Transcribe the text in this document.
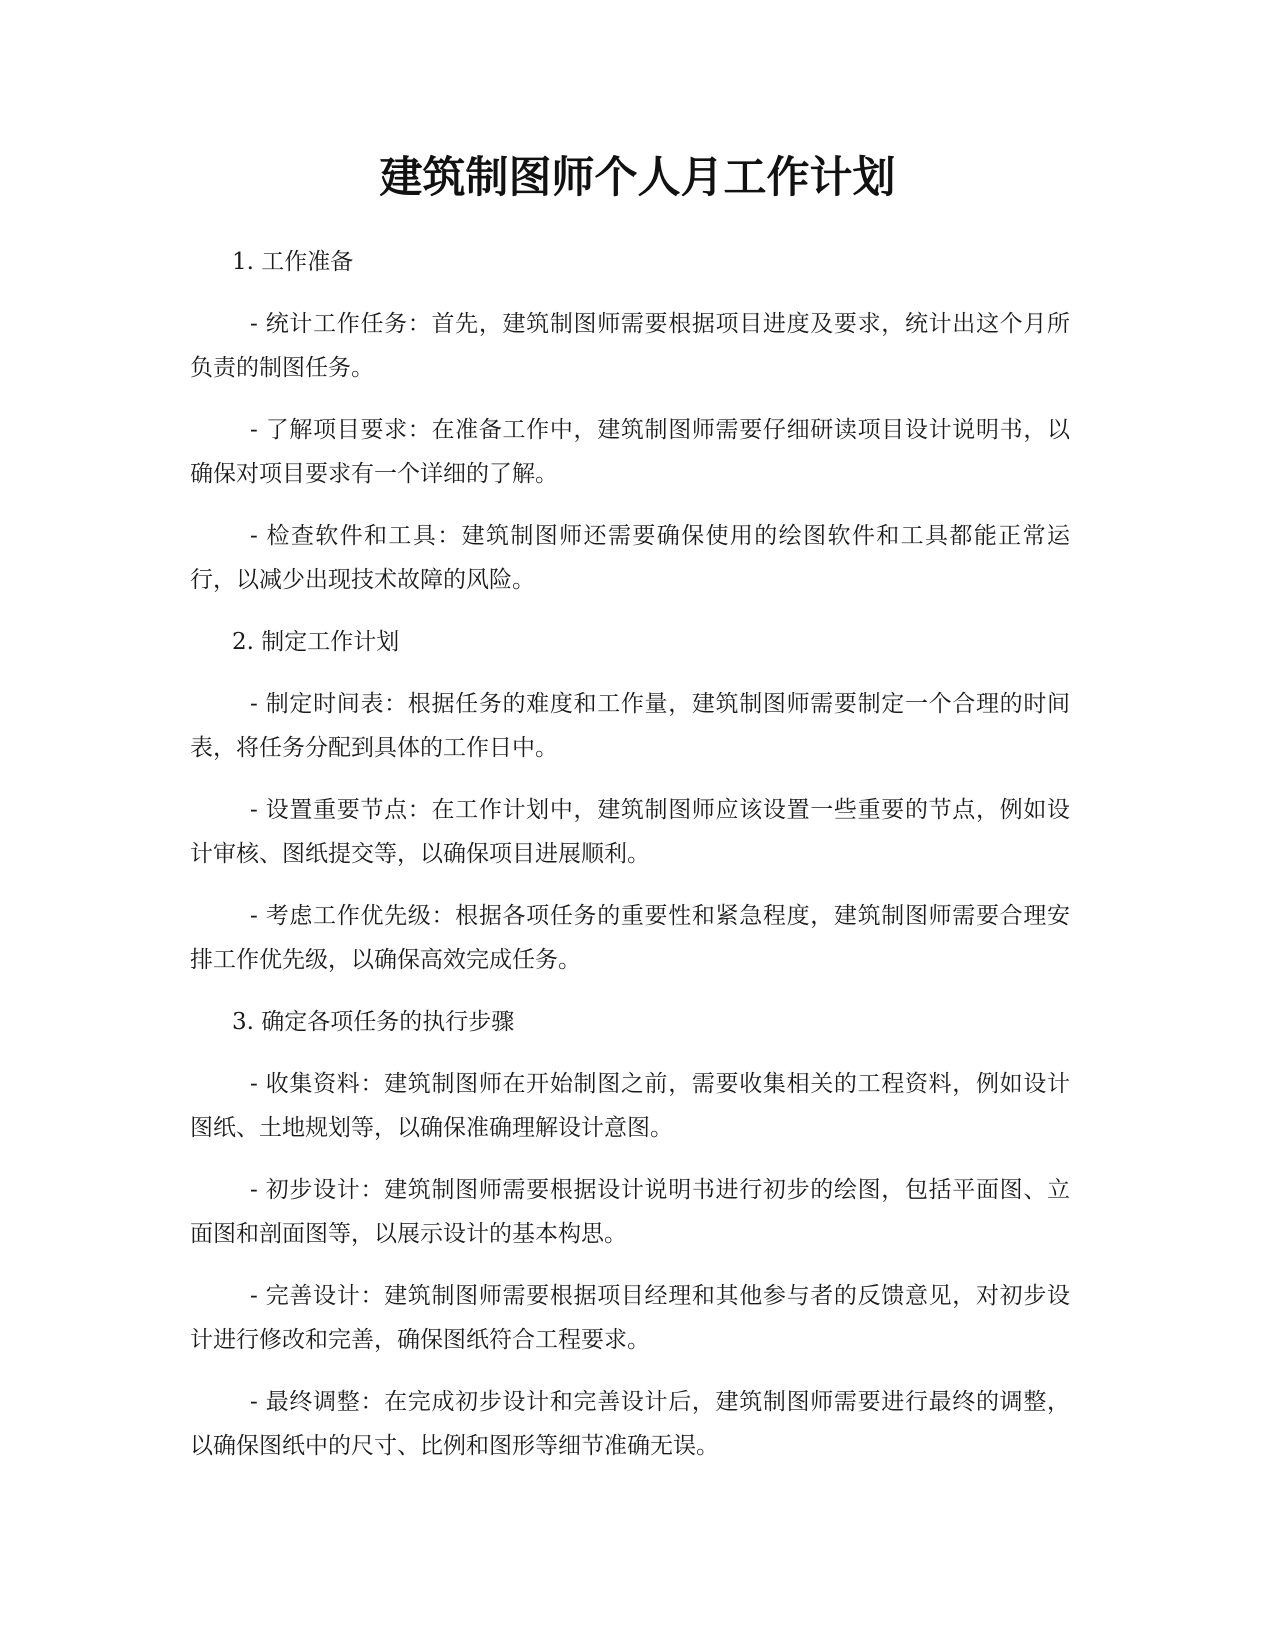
建筑制图师个人月工作计划
1. 工作准备

- 统计工作任务：首先，建筑制图师需要根据项目进度及要求，统计出这个月所负责的制图任务。

- 了解项目要求：在准备工作中，建筑制图师需要仔细研读项目设计说明书，以确保对项目要求有一个详细的了解。

- 检查软件和工具：建筑制图师还需要确保使用的绘图软件和工具都能正常运行，以减少出现技术故障的风险。

2. 制定工作计划

- 制定时间表：根据任务的难度和工作量，建筑制图师需要制定一个合理的时间表，将任务分配到具体的工作日中。

- 设置重要节点：在工作计划中，建筑制图师应该设置一些重要的节点，例如设计审核、图纸提交等，以确保项目进展顺利。

- 考虑工作优先级：根据各项任务的重要性和紧急程度，建筑制图师需要合理安排工作优先级，以确保高效完成任务。

3. 确定各项任务的执行步骤

- 收集资料：建筑制图师在开始制图之前，需要收集相关的工程资料，例如设计图纸、土地规划等，以确保准确理解设计意图。

- 初步设计：建筑制图师需要根据设计说明书进行初步的绘图，包括平面图、立面图和剖面图等，以展示设计的基本构思。

- 完善设计：建筑制图师需要根据项目经理和其他参与者的反馈意见，对初步设计进行修改和完善，确保图纸符合工程要求。

- 最终调整：在完成初步设计和完善设计后，建筑制图师需要进行最终的调整，以确保图纸中的尺寸、比例和图形等细节准确无误。
